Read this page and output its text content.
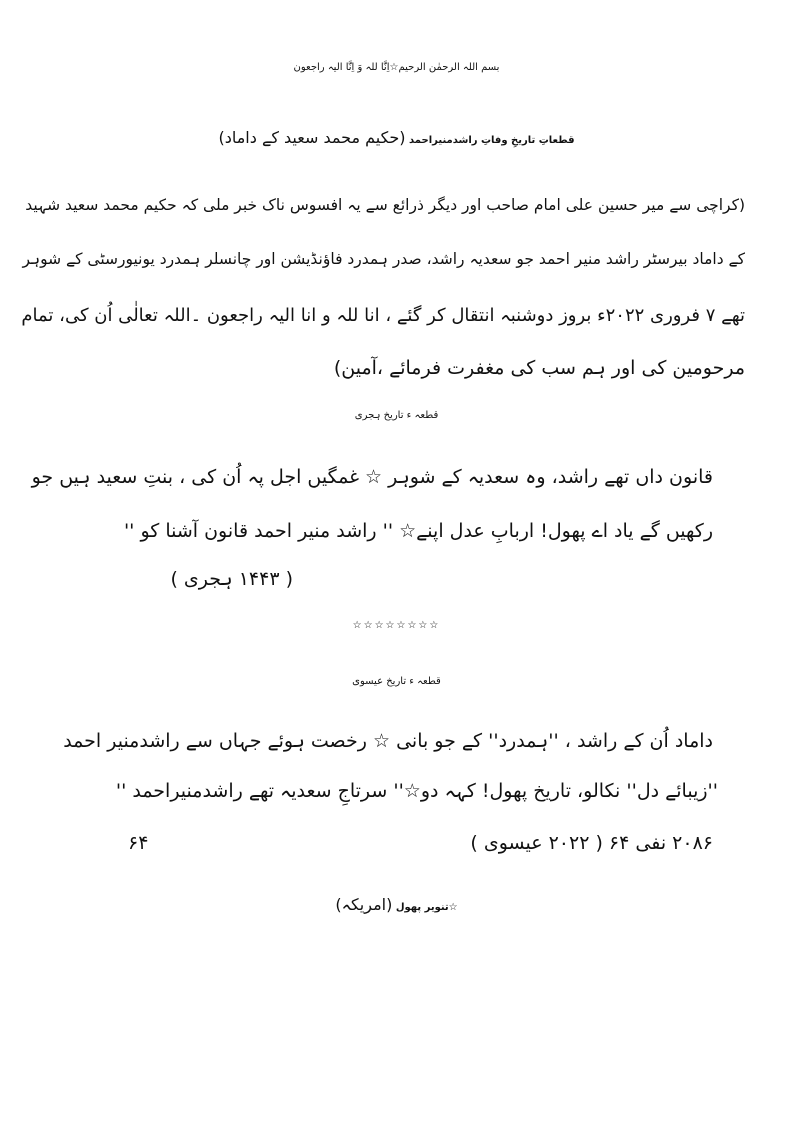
بسم اللہ الرحمٰن الرحیم☆اِنَّا للہ وَ اِنَّا الیہ راجعون
قطعاتِ تاریخِ وفاتِ راشدمنیراحمد (حکیم محمد سعید کے داماد)
(کراچی سے میر حسین علی امام صاحب اور دیگر ذرائع سے یہ افسوس ناک خبر ملی کہ حکیم محمد سعید شہید
کے داماد بیرسٹر راشد منیر احمد جو سعدیہ راشد، صدر ہمدرد فاؤنڈیشن اور چانسلر ہمدرد یونیورسٹی کے شوہر
تھے ۷ فروری ۲۰۲۲ء بروز دوشنبہ انتقال کر گئے ، انا للہ و انا الیہ راجعون ۔اللہ تعالٰی اُن کی، تمام
مرحومین کی اور ہم سب کی مغفرت فرمائے ،آمین)
قطعہ ء تاریخ ہجری
قانون داں تھے راشد، وہ سعدیہ کے شوہر ☆ غمگیں اجل پہ اُن کی ، بنتِ سعید ہیں جو
رکھیں گے یاد اے پھول! اربابِ عدل اپنے☆ '' راشد منیر احمد قانون آشنا کو ''
( ۱۴۴۳ ہجری )
☆☆☆☆☆☆☆☆
قطعہ ء تاریخ عیسوی
داماد اُن کے راشد ، ''ہمدرد'' کے جو بانی ☆ رخصت ہوئے جہاں سے راشدمنیر احمد
''زیبائے دل'' نکالو، تاریخ پھول! کہہ دو☆'' سرتاجِ سعدیہ تھے راشدمنیراحمد ''
۲۰۸۶ نفی ۶۴ ( ۲۰۲۲ عیسوی )
۶۴
☆تنویر پھول (امریکہ)
